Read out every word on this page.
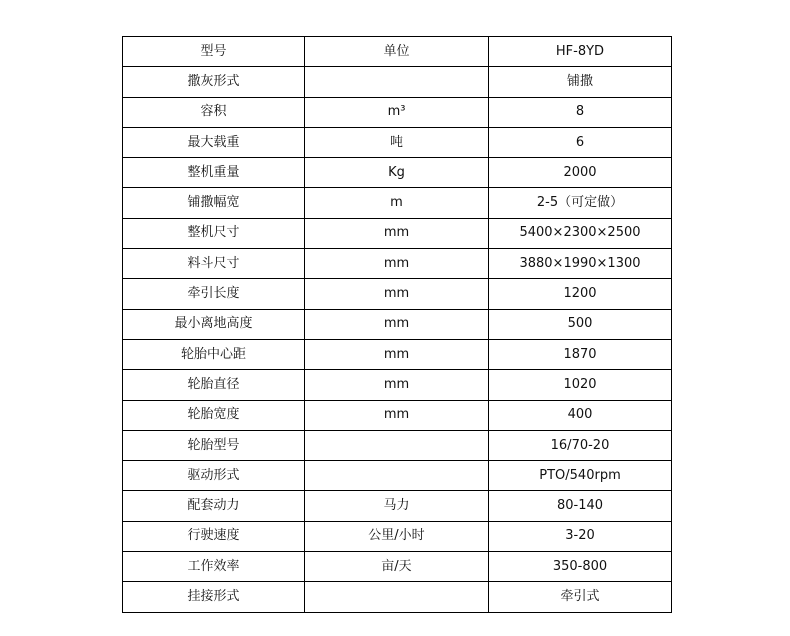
型号	单位	HF-8YD
撒灰形式		铺撒
容积	m³	8
最大载重	吨	6
整机重量	Kg	2000
铺撒幅宽	m	2-5（可定做）
整机尺寸	mm	5400×2300×2500
料斗尺寸	mm	3880×1990×1300
牵引长度	mm	1200
最小离地高度	mm	500
轮胎中心距	mm	1870
轮胎直径	mm	1020
轮胎宽度	mm	400
轮胎型号		16/70-20
驱动形式		PTO/540rpm
配套动力	马力	80-140
行驶速度	公里/小时	3-20
工作效率	亩/天	350-800
挂接形式		牵引式
